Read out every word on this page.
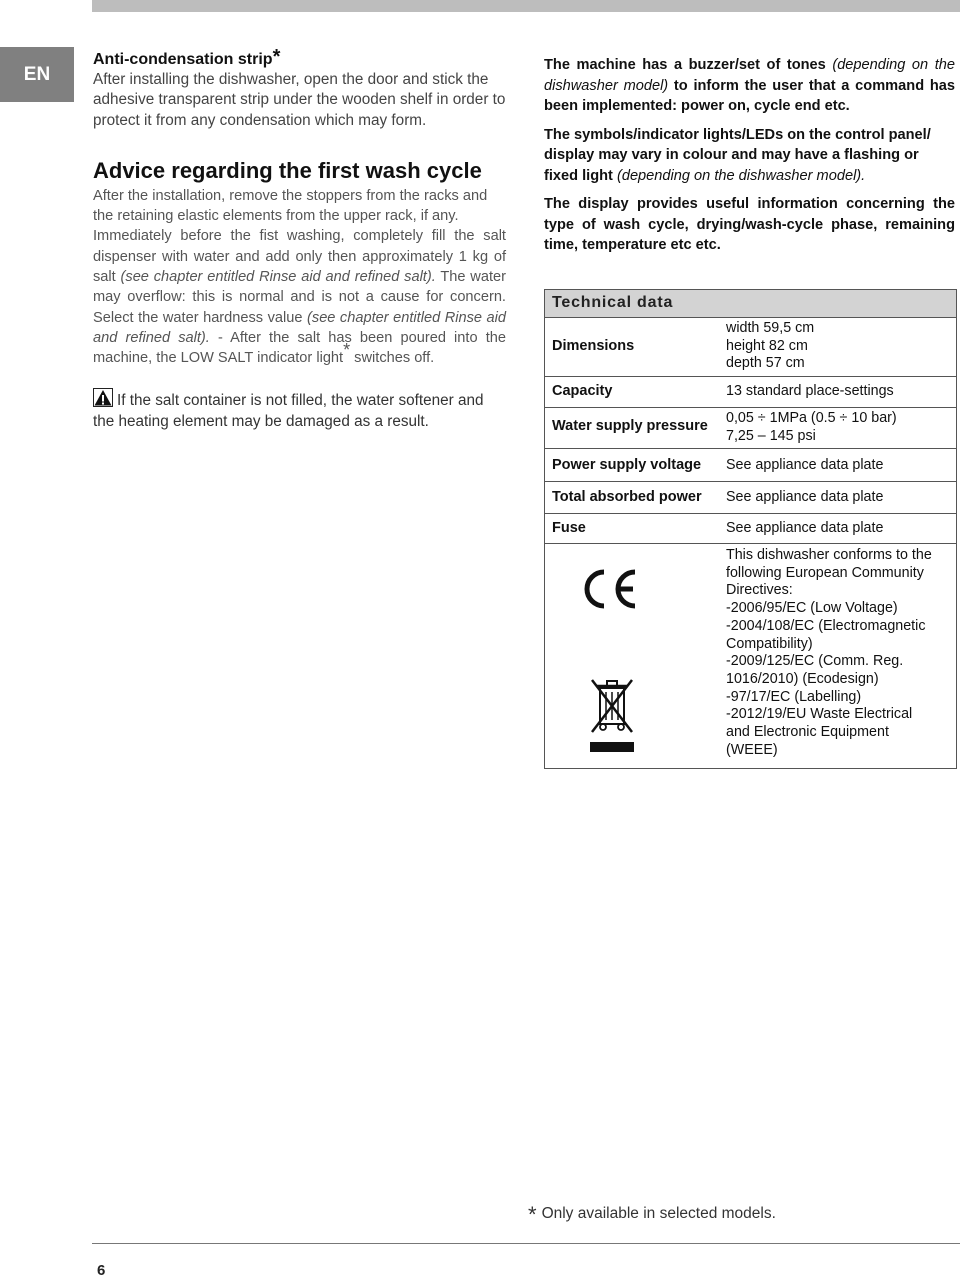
EN
Anti-condensation strip*

After installing the dishwasher, open the door and stick the adhesive transparent strip under the wooden shelf in order to protect it from any condensation which may form.

Advice regarding the first wash cycle

After the installation, remove the stoppers from the racks and the retaining elastic elements from the upper rack, if any.

Immediately before the fist washing, completely fill the salt dispenser with water and add only then approximately 1 kg of salt (see chapter entitled Rinse aid and refined salt). The water may overflow: this is normal and is not a cause for concern. Select the water hardness value (see chapter entitled Rinse aid and refined salt). - After the salt has been poured into the machine, the LOW SALT indicator light* switches off.

If the salt container is not filled, the water softener and the heating element may be damaged as a result.

The machine has a buzzer/set of tones (depending on the dishwasher model) to inform the user that a command has been implemented: power on, cycle end etc.

The symbols/indicator lights/LEDs on the control panel/ display may vary in colour and may have a flashing or fixed light (depending on the dishwasher model).

The display provides useful information concerning the type of wash cycle, drying/wash-cycle phase, remaining time, temperature etc etc.

Technical data
Dimensions
width 59,5 cm
height 82 cm
depth 57 cm
Capacity	13 standard place-settings
Water supply pressure 0,05 ÷ 1MPa (0.5 ÷ 10 bar)
7,25 – 145 psi
Power supply voltage See appliance data plate
Total absorbed power See appliance data plate
Fuse	See appliance data plate
This dishwasher conforms to the
following European Community
Directives:
-2006/95/EC (Low Voltage)
-2004/108/EC (Electromagnetic
Compatibility)
-2009/125/EC (Comm. Reg.
1016/2010) (Ecodesign)
-97/17/EC (Labelling)
-2012/19/EU Waste Electrical
and Electronic Equipment
(WEEE)
* Only available in selected models.
6
